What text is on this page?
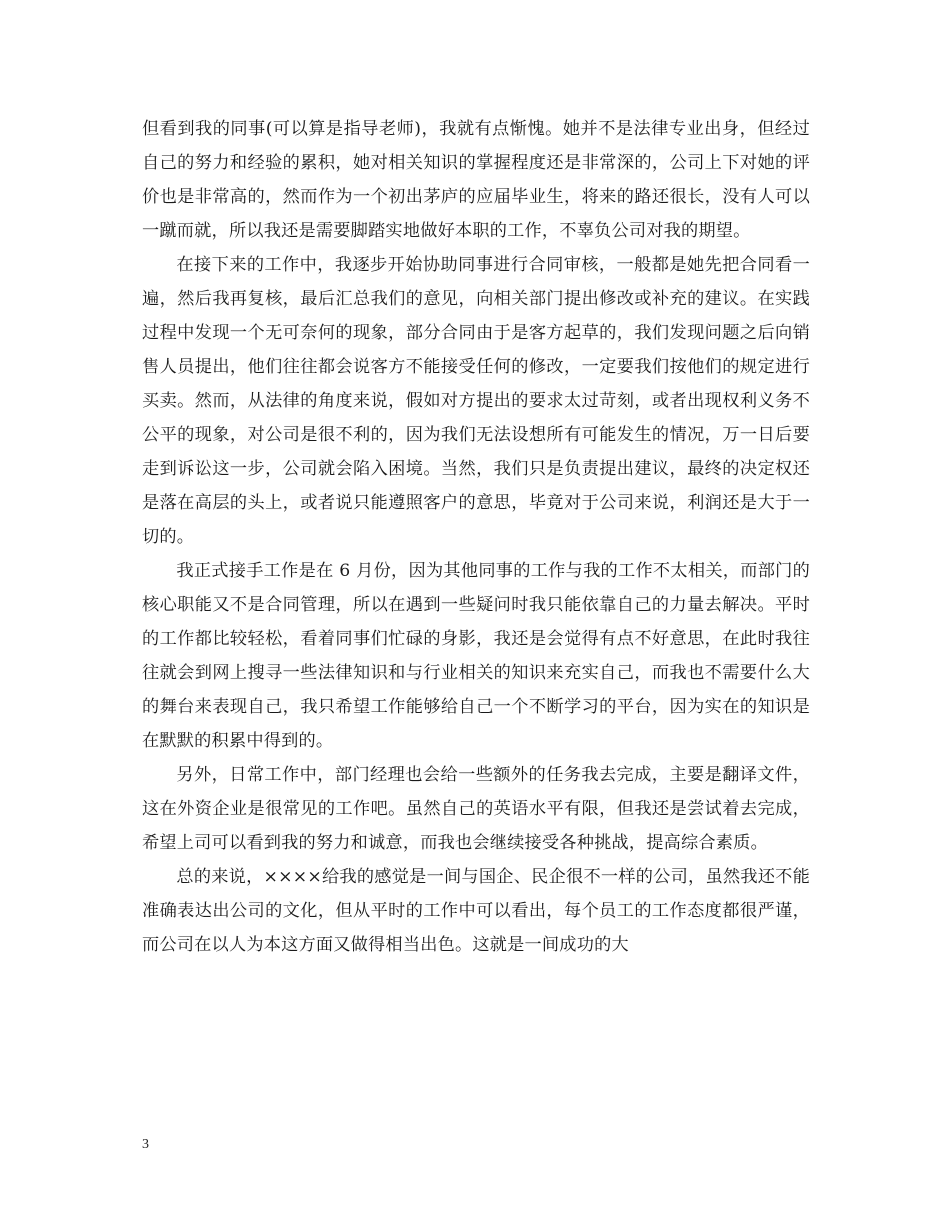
但看到我的同事(可以算是指导老师)，我就有点惭愧。她并不是法律专业出身，但经过自己的努力和经验的累积，她对相关知识的掌握程度还是非常深的，公司上下对她的评价也是非常高的，然而作为一个初出茅庐的应届毕业生，将来的路还很长，没有人可以一蹴而就，所以我还是需要脚踏实地做好本职的工作，不辜负公司对我的期望。

在接下来的工作中，我逐步开始协助同事进行合同审核，一般都是她先把合同看一遍，然后我再复核，最后汇总我们的意见，向相关部门提出修改或补充的建议。在实践过程中发现一个无可奈何的现象，部分合同由于是客方起草的，我们发现问题之后向销售人员提出，他们往往都会说客方不能接受任何的修改，一定要我们按他们的规定进行买卖。然而，从法律的角度来说，假如对方提出的要求太过苛刻，或者出现权利义务不公平的现象，对公司是很不利的，因为我们无法设想所有可能发生的情况，万一日后要走到诉讼这一步，公司就会陷入困境。当然，我们只是负责提出建议，最终的决定权还是落在高层的头上，或者说只能遵照客户的意思，毕竟对于公司来说，利润还是大于一切的。

我正式接手工作是在 6 月份，因为其他同事的工作与我的工作不太相关，而部门的核心职能又不是合同管理，所以在遇到一些疑问时我只能依靠自己的力量去解决。平时的工作都比较轻松，看着同事们忙碌的身影，我还是会觉得有点不好意思，在此时我往往就会到网上搜寻一些法律知识和与行业相关的知识来充实自己，而我也不需要什么大的舞台来表现自己，我只希望工作能够给自己一个不断学习的平台，因为实在的知识是在默默的积累中得到的。

另外，日常工作中，部门经理也会给一些额外的任务我去完成，主要是翻译文件，这在外资企业是很常见的工作吧。虽然自己的英语水平有限，但我还是尝试着去完成，希望上司可以看到我的努力和诚意，而我也会继续接受各种挑战，提高综合素质。

总的来说，××××给我的感觉是一间与国企、民企很不一样的公司，虽然我还不能准确表达出公司的文化，但从平时的工作中可以看出，每个员工的工作态度都很严谨，而公司在以人为本这方面又做得相当出色。这就是一间成功的大

3
